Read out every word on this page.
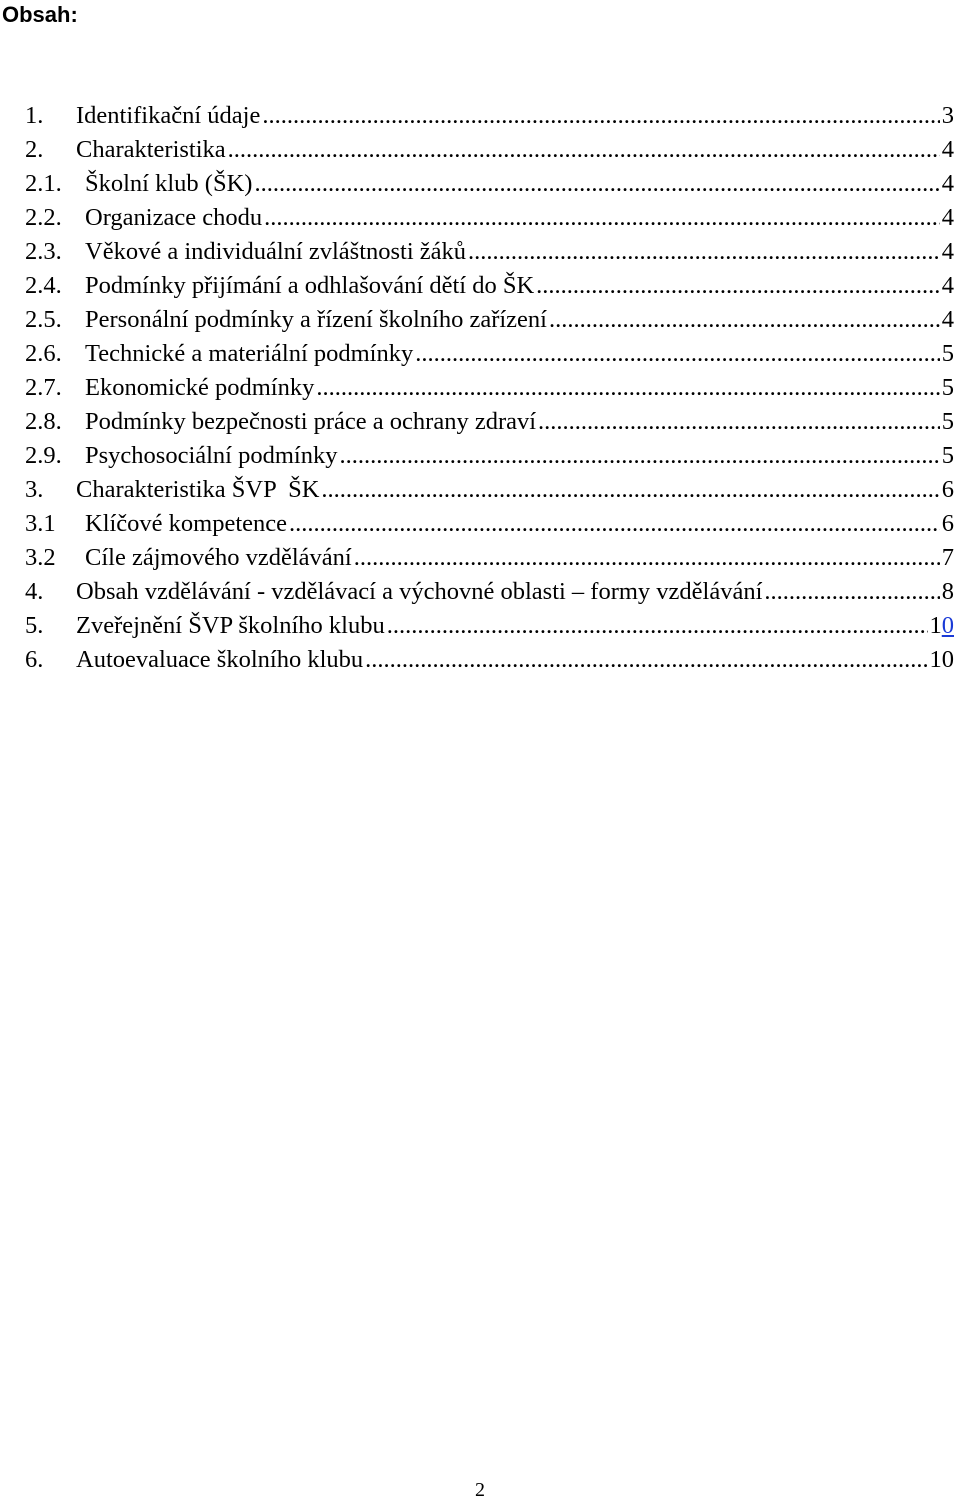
Obsah:
1.	Identifikační údaje .....	3
2.	Charakteristika .....	4
2.1. Školní klub (ŠK) .....	4
2.2. Organizace chodu .....	4
2.3. Věkové a individuální zvláštnosti žáků .....	4
2.4. Podmínky přijímání a odhlašování dětí do ŠK .....	4
2.5. Personální podmínky a řízení školního zařízení .....	4
2.6. Technické a materiální podmínky .....	5
2.7. Ekonomické podmínky .....	5
2.8. Podmínky bezpečnosti práce a ochrany zdraví .....	5
2.9. Psychosociální podmínky .....	5
3.	Charakteristika ŠVP  ŠK .....	6
3.1	Klíčové kompetence .....	6
3.2	Cíle zájmového vzdělávání .....	7
4.	Obsah vzdělávání - vzdělávací a výchovné oblasti – formy vzdělávání .....	8
5.	Zveřejnění ŠVP školního klubu .....	10
6.	Autoevaluace školního klubu .....	10
2
